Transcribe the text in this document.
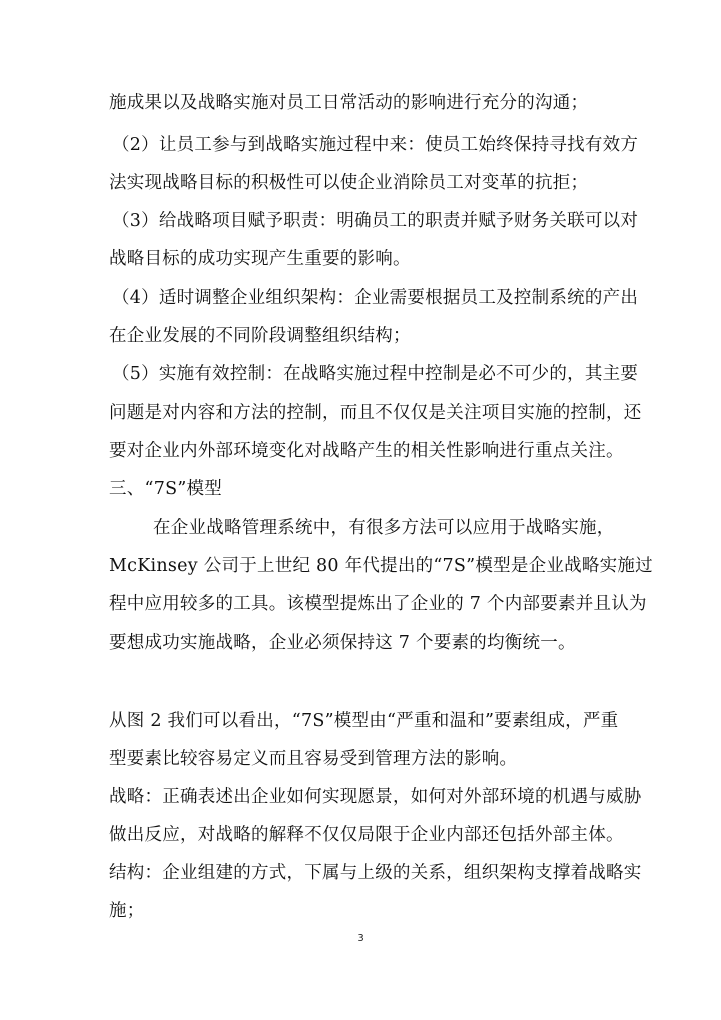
施成果以及战略实施对员工日常活动的影响进行充分的沟通；
（2）让员工参与到战略实施过程中来：使员工始终保持寻找有效方
法实现战略目标的积极性可以使企业消除员工对变革的抗拒；
（3）给战略项目赋予职责：明确员工的职责并赋予财务关联可以对
战略目标的成功实现产生重要的影响。
（4）适时调整企业组织架构：企业需要根据员工及控制系统的产出
在企业发展的不同阶段调整组织结构；
（5）实施有效控制：在战略实施过程中控制是必不可少的，其主要
问题是对内容和方法的控制，而且不仅仅是关注项目实施的控制，还
要对企业内外部环境变化对战略产生的相关性影响进行重点关注。
三、“7S”模型
在企业战略管理系统中，有很多方法可以应用于战略实施，
McKinsey 公司于上世纪 80 年代提出的“7S”模型是企业战略实施过
程中应用较多的工具。该模型提炼出了企业的 7 个内部要素并且认为
要想成功实施战略，企业必须保持这 7 个要素的均衡统一。
从图 2 我们可以看出，“7S”模型由“严重和温和”要素组成，严重
型要素比较容易定义而且容易受到管理方法的影响。
战略：正确表述出企业如何实现愿景，如何对外部环境的机遇与威胁
做出反应，对战略的解释不仅仅局限于企业内部还包括外部主体。
结构：企业组建的方式，下属与上级的关系，组织架构支撑着战略实
施；
3
